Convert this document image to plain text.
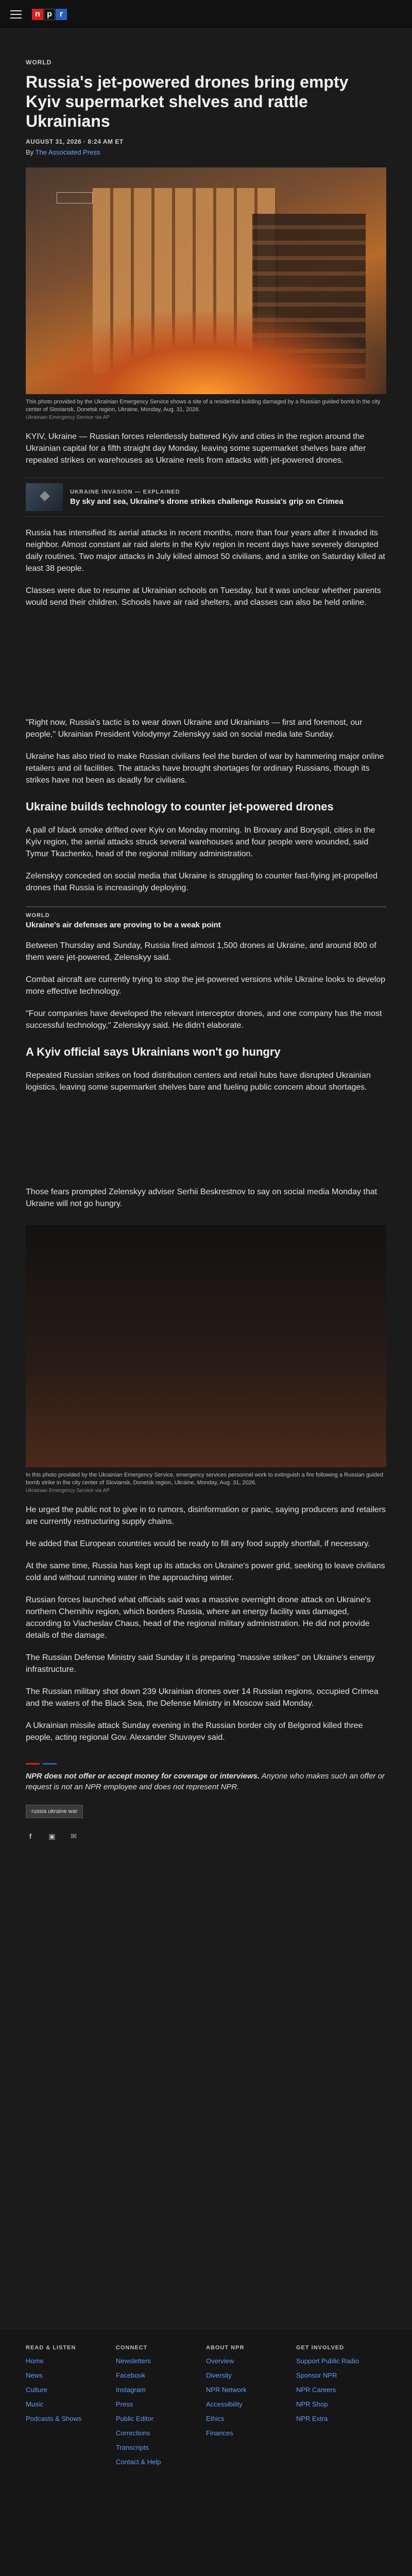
n p r
WORLD
Russia's jet-powered drones bring empty Kyiv supermarket shelves and rattle Ukrainians
AUGUST 31, 2026 · 8:24 AM ET
By The Associated Press
This photo provided by the Ukrainian Emergency Service shows a site of a residential building damaged by a Russian guided bomb in the city center of Sloviansk, Donetsk region, Ukraine, Monday, Aug. 31, 2026.
Ukrainian Emergency Service via AP

KYIV, Ukraine — Russian forces relentlessly battered Kyiv and cities in the region around the Ukrainian capital for a fifth straight day Monday, leaving some supermarket shelves bare after repeated strikes on warehouses as Ukraine reels from attacks with jet-powered drones.

UKRAINE INVASION — EXPLAINED
By sky and sea, Ukraine's drone strikes challenge Russia's grip on Crimea

Russia has intensified its aerial attacks in recent months, more than four years after it invaded its neighbor. Almost constant air raid alerts in the Kyiv region in recent days have severely disrupted daily routines. Two major attacks in July killed almost 50 civilians, and a strike on Saturday killed at least 38 people.

Classes were due to resume at Ukrainian schools on Tuesday, but it was unclear whether parents would send their children. Schools have air raid shelters, and classes can also be held online.

"Right now, Russia's tactic is to wear down Ukraine and Ukrainians — first and foremost, our people," Ukrainian President Volodymyr Zelenskyy said on social media late Sunday.

Ukraine has also tried to make Russian civilians feel the burden of war by hammering major online retailers and oil facilities. The attacks have brought shortages for ordinary Russians, though its strikes have not been as deadly for civilians.

Ukraine builds technology to counter jet-powered drones

A pall of black smoke drifted over Kyiv on Monday morning. In Brovary and Boryspil, cities in the Kyiv region, the aerial attacks struck several warehouses and four people were wounded, said Tymur Tkachenko, head of the regional military administration.

Zelenskyy conceded on social media that Ukraine is struggling to counter fast-flying jet-propelled drones that Russia is increasingly deploying.

WORLD
Ukraine's air defenses are proving to be a weak point

Between Thursday and Sunday, Russia fired almost 1,500 drones at Ukraine, and around 800 of them were jet-powered, Zelenskyy said.

Combat aircraft are currently trying to stop the jet-powered versions while Ukraine looks to develop more effective technology.

"Four companies have developed the relevant interceptor drones, and one company has the most successful technology," Zelenskyy said. He didn't elaborate.

A Kyiv official says Ukrainians won't go hungry

Repeated Russian strikes on food distribution centers and retail hubs have disrupted Ukrainian logistics, leaving some supermarket shelves bare and fueling public concern about shortages.

Those fears prompted Zelenskyy adviser Serhii Beskrestnov to say on social media Monday that Ukraine will not go hungry.

In this photo provided by the Ukrainian Emergency Service, emergency services personnel work to extinguish a fire following a Russian guided bomb strike in the city center of Sloviansk, Donetsk region, Ukraine, Monday, Aug. 31, 2026.
Ukrainian Emergency Service via AP

He urged the public not to give in to rumors, disinformation or panic, saying producers and retailers are currently restructuring supply chains.

He added that European countries would be ready to fill any food supply shortfall, if necessary.

At the same time, Russia has kept up its attacks on Ukraine's power grid, seeking to leave civilians cold and without running water in the approaching winter.

Russian forces launched what officials said was a massive overnight drone attack on Ukraine's northern Chernihiv region, which borders Russia, where an energy facility was damaged, according to Viacheslav Chaus, head of the regional military administration. He did not provide details of the damage.

The Russian Defense Ministry said Sunday it is preparing "massive strikes" on Ukraine's energy infrastructure.

The Russian military shot down 239 Ukrainian drones over 14 Russian regions, occupied Crimea and the waters of the Black Sea, the Defense Ministry in Moscow said Monday.

A Ukrainian missile attack Sunday evening in the Russian border city of Belgorod killed three people, acting regional Gov. Alexander Shuvayev said.

NPR does not offer or accept money for coverage or interviews. Anyone who makes such an offer or request is not an NPR employee and does not represent NPR.
russia ukraine war
f	▣ ✉
READ & LISTEN
Home
News
Culture
Music
Podcasts & Shows
CONNECT
Newsletters
Facebook
Instagram
Press
Public Editor
Corrections
Transcripts
Contact & Help
ABOUT NPR
Overview
Diversity
NPR Network
Accessibility
Ethics
Finances
GET INVOLVED
Support Public Radio
Sponsor NPR
NPR Careers
NPR Shop
NPR Extra
